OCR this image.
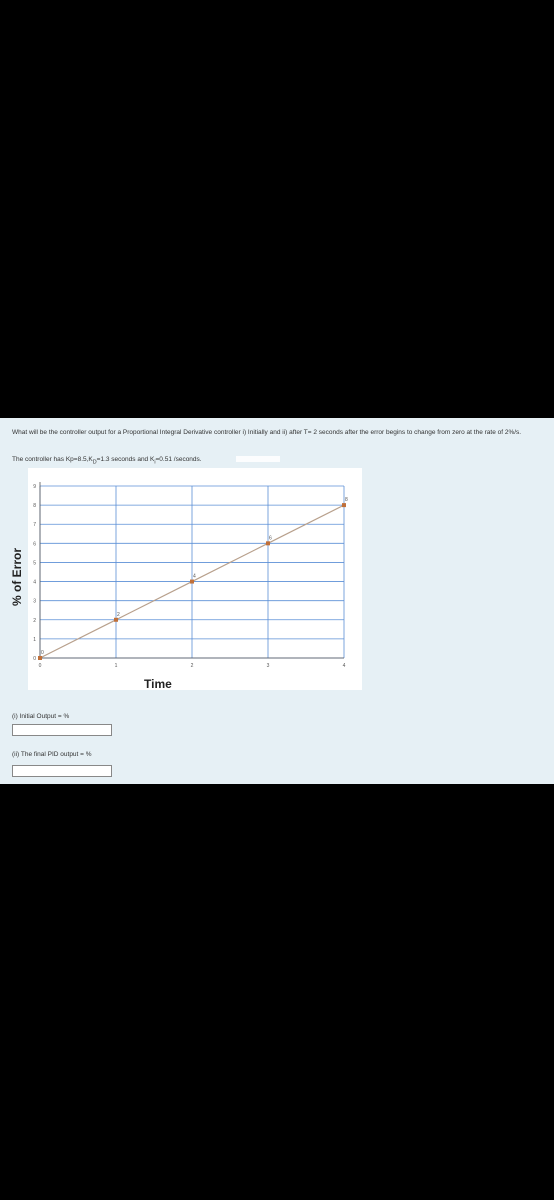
What will be the controller output for a Proportional Integral Derivative controller i) Initially and ii) after T= 2 seconds after the error begins to change from zero at the rate of 2%/s.
The controller has $Kp=8.5,K_D=1.3$ seconds and $K_i=0.51$ /seconds.
% of Error
0
1
2
3
4
5
6
7
8
9
0	1	2	3	4
0
2
4
6
8
Time
(i) Initial Output = %
(ii) The final PID output = %
